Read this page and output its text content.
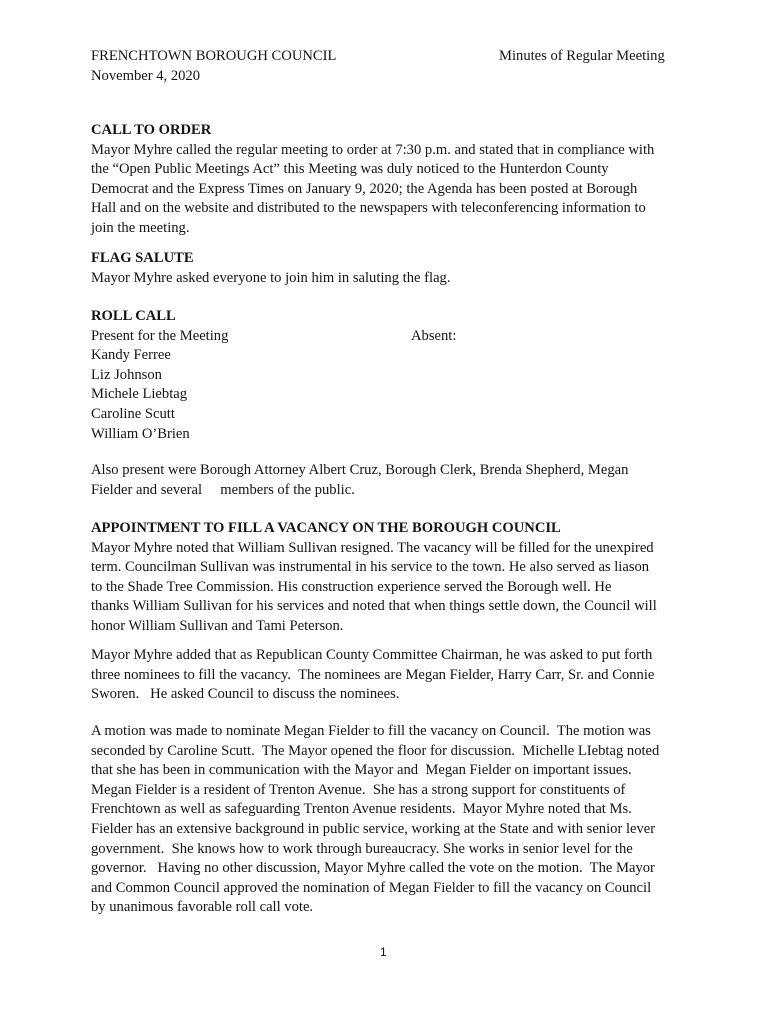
FRENCHTOWN BOROUGH COUNCIL
November 4, 2020
Minutes of Regular Meeting
CALL TO ORDER

Mayor Myhre called the regular meeting to order at 7:30 p.m. and stated that in compliance with

the “Open Public Meetings Act” this Meeting was duly noticed to the Hunterdon County

Democrat and the Express Times on January 9, 2020; the Agenda has been posted at Borough

Hall and on the website and distributed to the newspapers with teleconferencing information to

join the meeting.

FLAG SALUTE

Mayor Myhre asked everyone to join him in saluting the flag.

ROLL CALL
Present for the Meeting	Absent:

Kandy Ferree

Liz Johnson

Michele Liebtag

Caroline Scutt

William O’Brien

Also present were Borough Attorney Albert Cruz, Borough Clerk, Brenda Shepherd, Megan

Fielder and several     members of the public.

APPOINTMENT TO FILL A VACANCY ON THE BOROUGH COUNCIL

Mayor Myhre noted that William Sullivan resigned. The vacancy will be filled for the unexpired

term. Councilman Sullivan was instrumental in his service to the town. He also served as liason

to the Shade Tree Commission. His construction experience served the Borough well. He

thanks William Sullivan for his services and noted that when things settle down, the Council will

honor William Sullivan and Tami Peterson.

Mayor Myhre added that as Republican County Committee Chairman, he was asked to put forth

three nominees to fill the vacancy.  The nominees are Megan Fielder, Harry Carr, Sr. and Connie

Sworen.   He asked Council to discuss the nominees.

A motion was made to nominate Megan Fielder to fill the vacancy on Council.  The motion was

seconded by Caroline Scutt.  The Mayor opened the floor for discussion.  Michelle LIebtag noted

that she has been in communication with the Mayor and  Megan Fielder on important issues.

Megan Fielder is a resident of Trenton Avenue.  She has a strong support for constituents of

Frenchtown as well as safeguarding Trenton Avenue residents.  Mayor Myhre noted that Ms.

Fielder has an extensive background in public service, working at the State and with senior lever

government.  She knows how to work through bureaucracy. She works in senior level for the

governor.   Having no other discussion, Mayor Myhre called the vote on the motion.  The Mayor

and Common Council approved the nomination of Megan Fielder to fill the vacancy on Council

by unanimous favorable roll call vote.

1
